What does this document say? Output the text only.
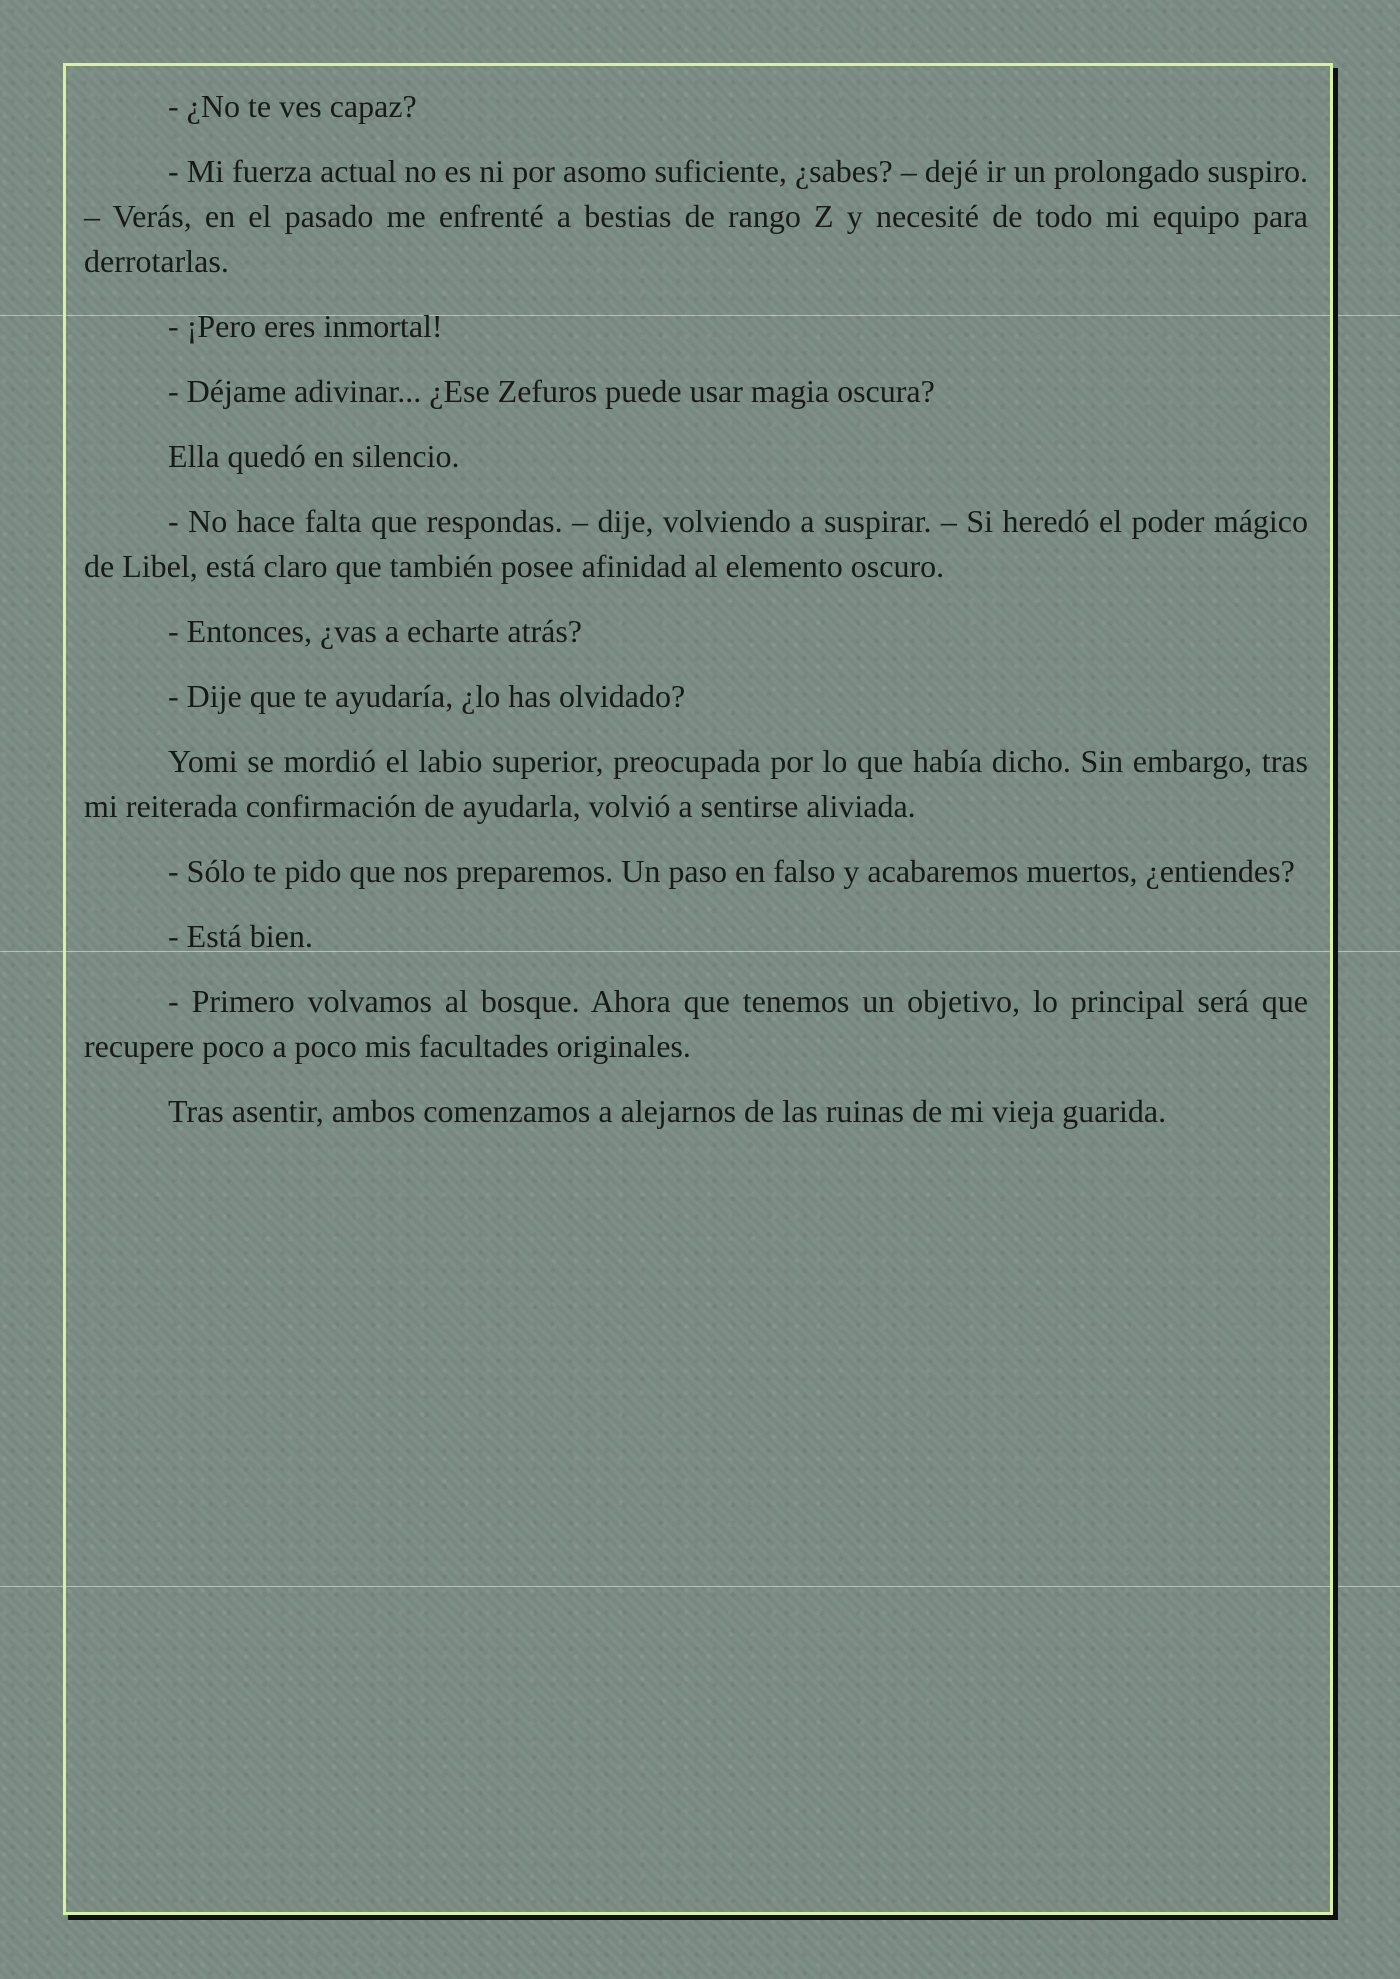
- ¿No te ves capaz?

- Mi fuerza actual no es ni por asomo suficiente, ¿sabes? – dejé ir un prolongado suspiro. – Verás, en el pasado me enfrenté a bestias de rango Z y necesité de todo mi equipo para derrotarlas.

- ¡Pero eres inmortal!

- Déjame adivinar... ¿Ese Zefuros puede usar magia oscura?

Ella quedó en silencio.

- No hace falta que respondas. – dije, volviendo a suspirar. – Si heredó el poder mágico de Libel, está claro que también posee afinidad al elemento oscuro.

- Entonces, ¿vas a echarte atrás?

- Dije que te ayudaría, ¿lo has olvidado?

Yomi se mordió el labio superior, preocupada por lo que había dicho. Sin embargo, tras mi reiterada confirmación de ayudarla, volvió a sentirse aliviada.

- Sólo te pido que nos preparemos. Un paso en falso y acabaremos muertos, ¿entiendes?

- Está bien.

- Primero volvamos al bosque. Ahora que tenemos un objetivo, lo principal será que recupere poco a poco mis facultades originales.

Tras asentir, ambos comenzamos a alejarnos de las ruinas de mi vieja guarida.
